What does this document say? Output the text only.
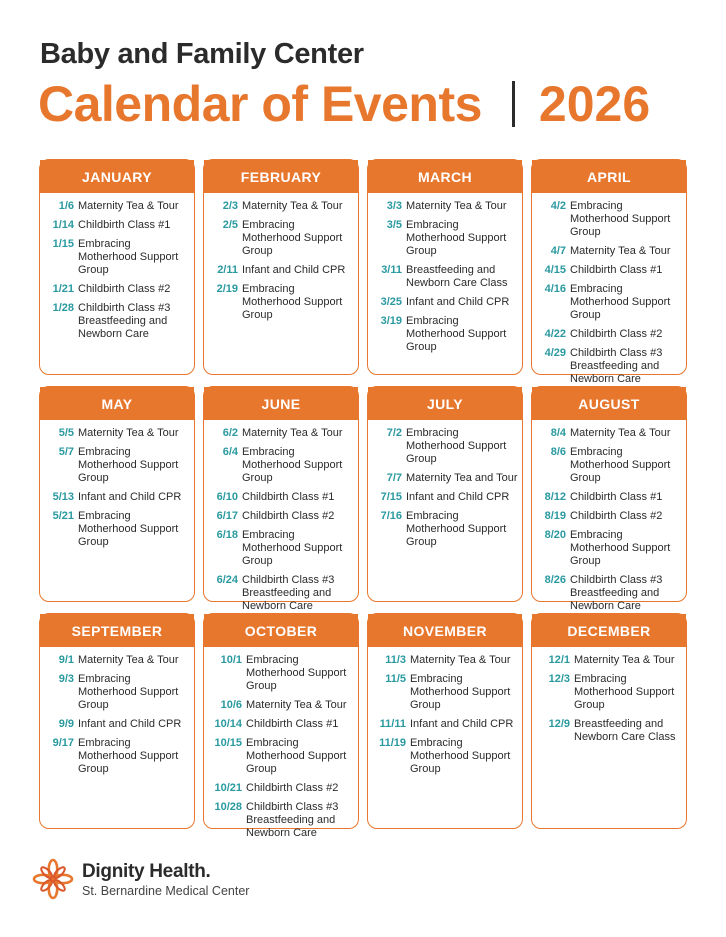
Baby and Family Center
Calendar of Events 2026
JANUARY
1/6 Maternity Tea & Tour
1/14 Childbirth Class #1
1/15 Embracing Motherhood Support Group
1/21 Childbirth Class #2
1/28 Childbirth Class #3 Breastfeeding and Newborn Care
FEBRUARY
2/3 Maternity Tea & Tour
2/5 Embracing Motherhood Support Group
2/11 Infant and Child CPR
2/19 Embracing Motherhood Support Group
MARCH
3/3 Maternity Tea & Tour
3/5 Embracing Motherhood Support Group
3/11 Breastfeeding and Newborn Care Class
3/25 Infant and Child CPR
3/19 Embracing Motherhood Support Group
APRIL
4/2 Embracing Motherhood Support Group
4/7 Maternity Tea & Tour
4/15 Childbirth Class #1
4/16 Embracing Motherhood Support Group
4/22 Childbirth Class #2
4/29 Childbirth Class #3 Breastfeeding and Newborn Care
MAY
5/5 Maternity Tea & Tour
5/7 Embracing Motherhood Support Group
5/13 Infant and Child CPR
5/21 Embracing Motherhood Support Group
JUNE
6/2 Maternity Tea & Tour
6/4 Embracing Motherhood Support Group
6/10 Childbirth Class #1
6/17 Childbirth Class #2
6/18 Embracing Motherhood Support Group
6/24 Childbirth Class #3 Breastfeeding and Newborn Care
JULY
7/2 Embracing Motherhood Support Group
7/7 Maternity Tea and Tour
7/15 Infant and Child CPR
7/16 Embracing Motherhood Support Group
AUGUST
8/4 Maternity Tea & Tour
8/6 Embracing Motherhood Support Group
8/12 Childbirth Class #1
8/19 Childbirth Class #2
8/20 Embracing Motherhood Support Group
8/26 Childbirth Class #3 Breastfeeding and Newborn Care
SEPTEMBER
9/1 Maternity Tea & Tour
9/3 Embracing Motherhood Support Group
9/9 Infant and Child CPR
9/17 Embracing Motherhood Support Group
OCTOBER
10/1 Embracing Motherhood Support Group
10/6 Maternity Tea & Tour
10/14 Childbirth Class #1
10/15 Embracing Motherhood Support Group
10/21 Childbirth Class #2
10/28 Childbirth Class #3 Breastfeeding and Newborn Care
NOVEMBER
11/3 Maternity Tea & Tour
11/5 Embracing Motherhood Support Group
11/11 Infant and Child CPR
11/19 Embracing Motherhood Support Group
DECEMBER
12/1 Maternity Tea & Tour
12/3 Embracing Motherhood Support Group
12/9 Breastfeeding and Newborn Care Class
Dignity Health.
St. Bernardine Medical Center
